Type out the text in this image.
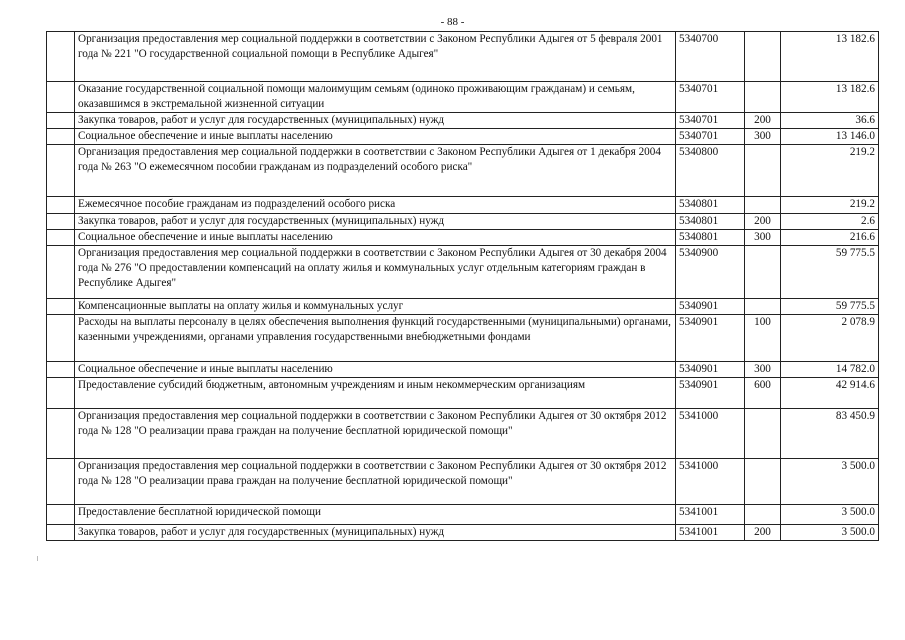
- 88 -
	Организация предоставления мер социальной поддержки в соответствии с Законом Республики Адыгея от 5 февраля 2001 года № 221 "О государственной социальной помощи в Республике Адыгея"	5340700		13 182.6
	Оказание государственной социальной помощи малоимущим семьям (одиноко проживающим гражданам) и семьям, оказавшимся в экстремальной жизненной ситуации	5340701		13 182.6
	Закупка товаров, работ и услуг для государственных (муниципальных) нужд	5340701	200	36.6
	Социальное обеспечение и иные выплаты населению	5340701	300	13 146.0
	Организация предоставления мер социальной поддержки в соответствии с Законом Республики Адыгея от 1 декабря 2004 года № 263 "О ежемесячном пособии гражданам из подразделений особого риска"	5340800		219.2
	Ежемесячное пособие гражданам из подразделений особого риска	5340801		219.2
	Закупка товаров, работ и услуг для государственных (муниципальных) нужд	5340801	200	2.6
	Социальное обеспечение и иные выплаты населению	5340801	300	216.6
	Организация предоставления мер социальной поддержки в соответствии с Законом Республики Адыгея от 30 декабря 2004 года № 276 "О предоставлении компенсаций на оплату жилья и коммунальных услуг отдельным категориям граждан в Республике Адыгея"	5340900		59 775.5
	Компенсационные выплаты на оплату жилья и коммунальных услуг	5340901		59 775.5
	Расходы на выплаты персоналу в целях обеспечения выполнения функций государственными (муниципальными) органами, казенными учреждениями, органами управления государственными внебюджетными фондами	5340901	100	2 078.9
	Социальное обеспечение и иные выплаты населению	5340901	300	14 782.0
	Предоставление субсидий бюджетным, автономным учреждениям и иным некоммерческим организациям	5340901	600	42 914.6
	Организация предоставления мер социальной поддержки в соответствии с Законом Республики Адыгея от 30 октября 2012 года № 128 "О реализации права граждан на получение бесплатной юридической помощи"	5341000		83 450.9
	Организация предоставления мер социальной поддержки в соответствии с Законом Республики Адыгея от 30 октября 2012 года № 128 "О реализации права граждан на получение бесплатной юридической помощи"	5341000		3 500.0
	Предоставление бесплатной юридической помощи	5341001		3 500.0
	Закупка товаров, работ и услуг для государственных (муниципальных) нужд	5341001	200	3 500.0
